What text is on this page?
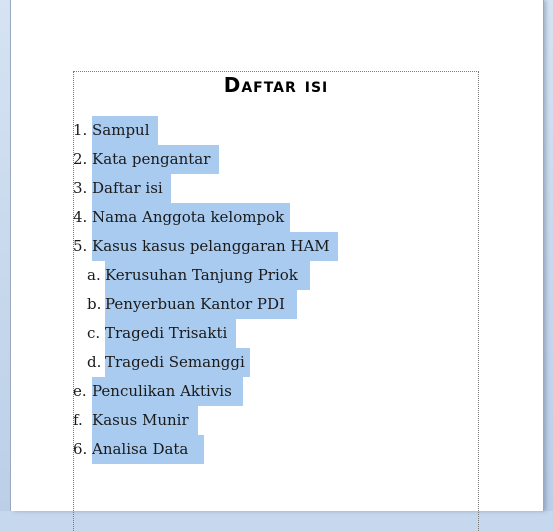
Daftar isi
1. Sampul
2. Kata pengantar
3. Daftar isi
4. Nama Anggota kelompok
5. Kasus kasus pelanggaran HAM
a. Kerusuhan Tanjung Priok
b. Penyerbuan Kantor PDI
c. Tragedi Trisakti
d. Tragedi Semanggi
e. Penculikan Aktivis
f. Kasus Munir
6. Analisa Data
